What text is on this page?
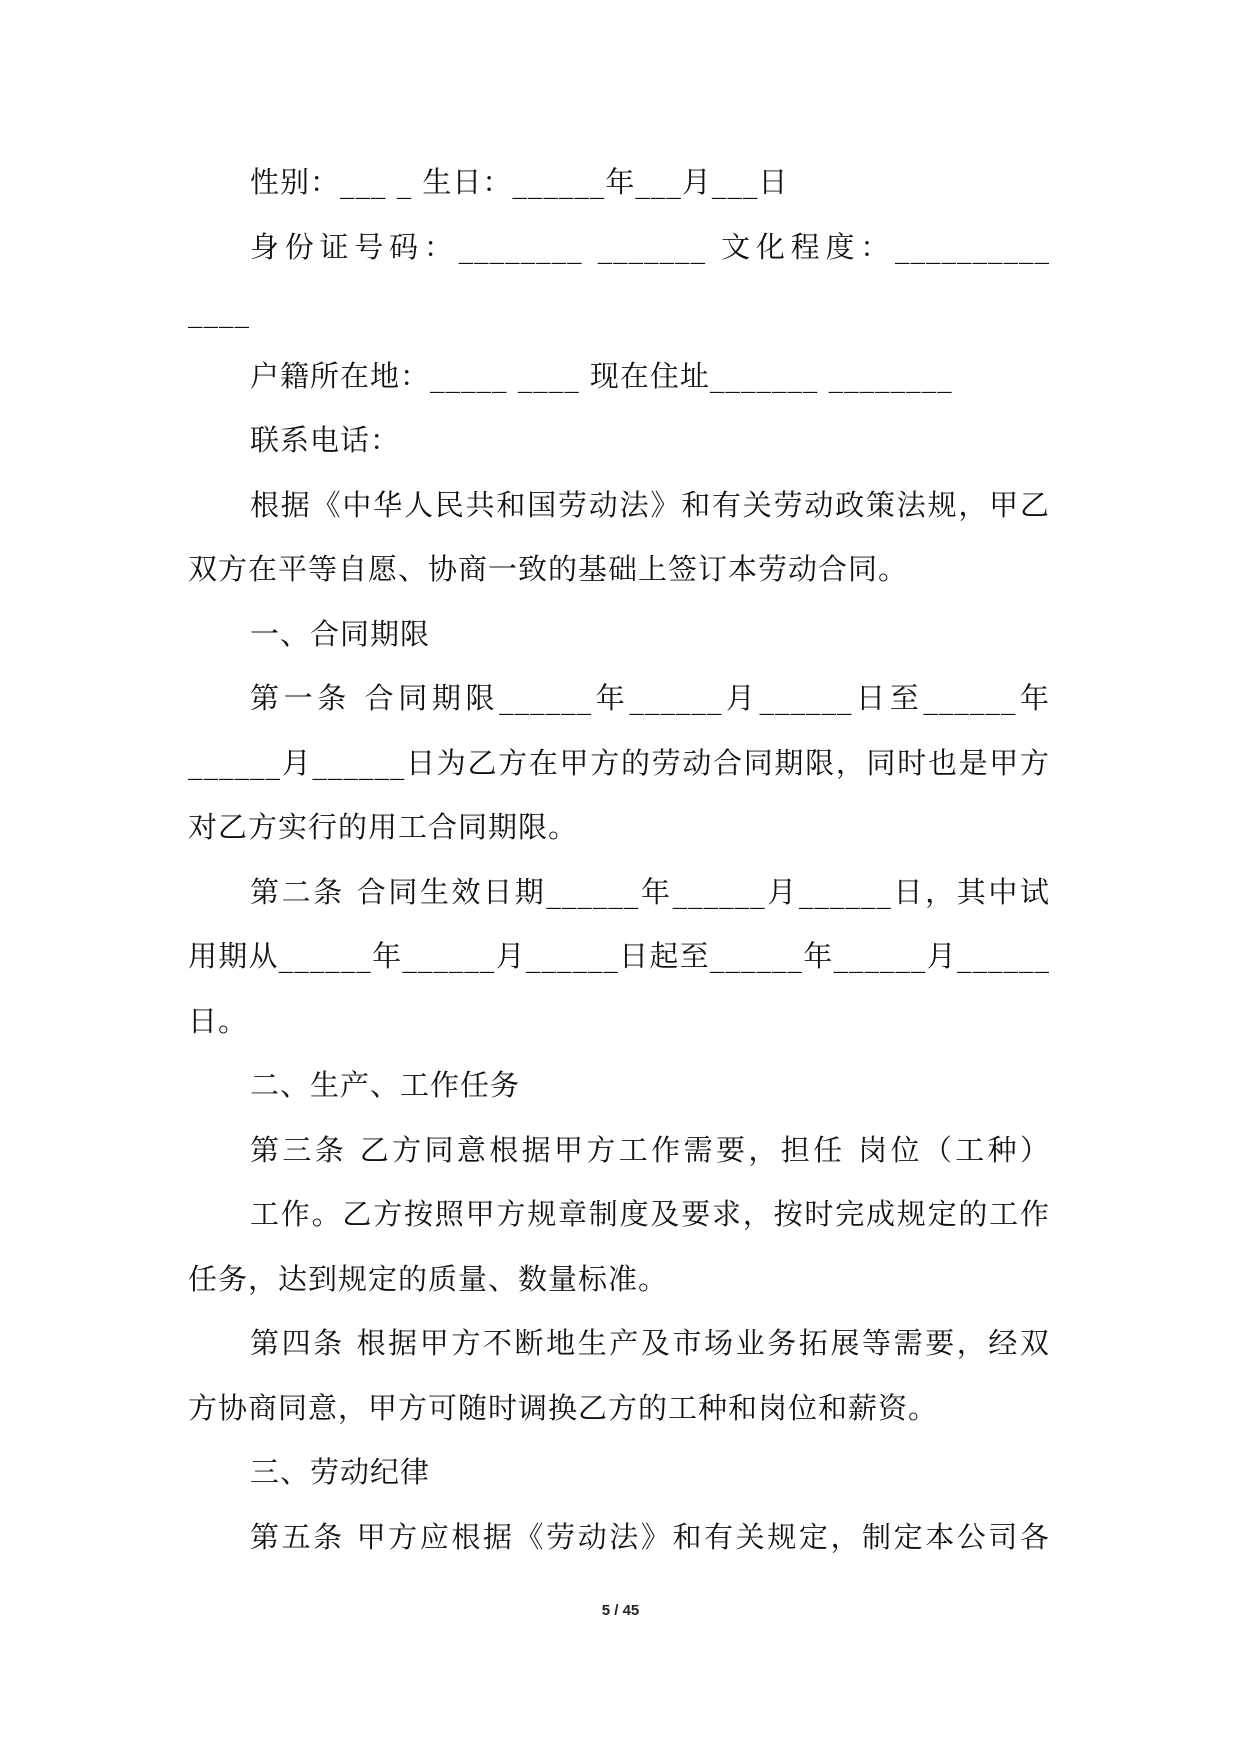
性别：___ _ 生日：______年___月___日

身份证号码：________ _______ 文化程度：__________

____

户籍所在地：_____ ____ 现在住址_______ ________

联系电话：

根据《中华人民共和国劳动法》和有关劳动政策法规，甲乙

双方在平等自愿、协商一致的基础上签订本劳动合同。

一、合同期限

第一条 合同期限______年______月______日至______年

______月______日为乙方在甲方的劳动合同期限，同时也是甲方

对乙方实行的用工合同期限。

第二条 合同生效日期______年______月______日，其中试

用期从______年______月______日起至______年______月______

日。

二、生产、工作任务

第三条 乙方同意根据甲方工作需要，担任 岗位（工种）

工作。乙方按照甲方规章制度及要求，按时完成规定的工作

任务，达到规定的质量、数量标准。

第四条 根据甲方不断地生产及市场业务拓展等需要，经双

方协商同意，甲方可随时调换乙方的工种和岗位和薪资。

三、劳动纪律

第五条 甲方应根据《劳动法》和有关规定，制定本公司各

5 / 45
